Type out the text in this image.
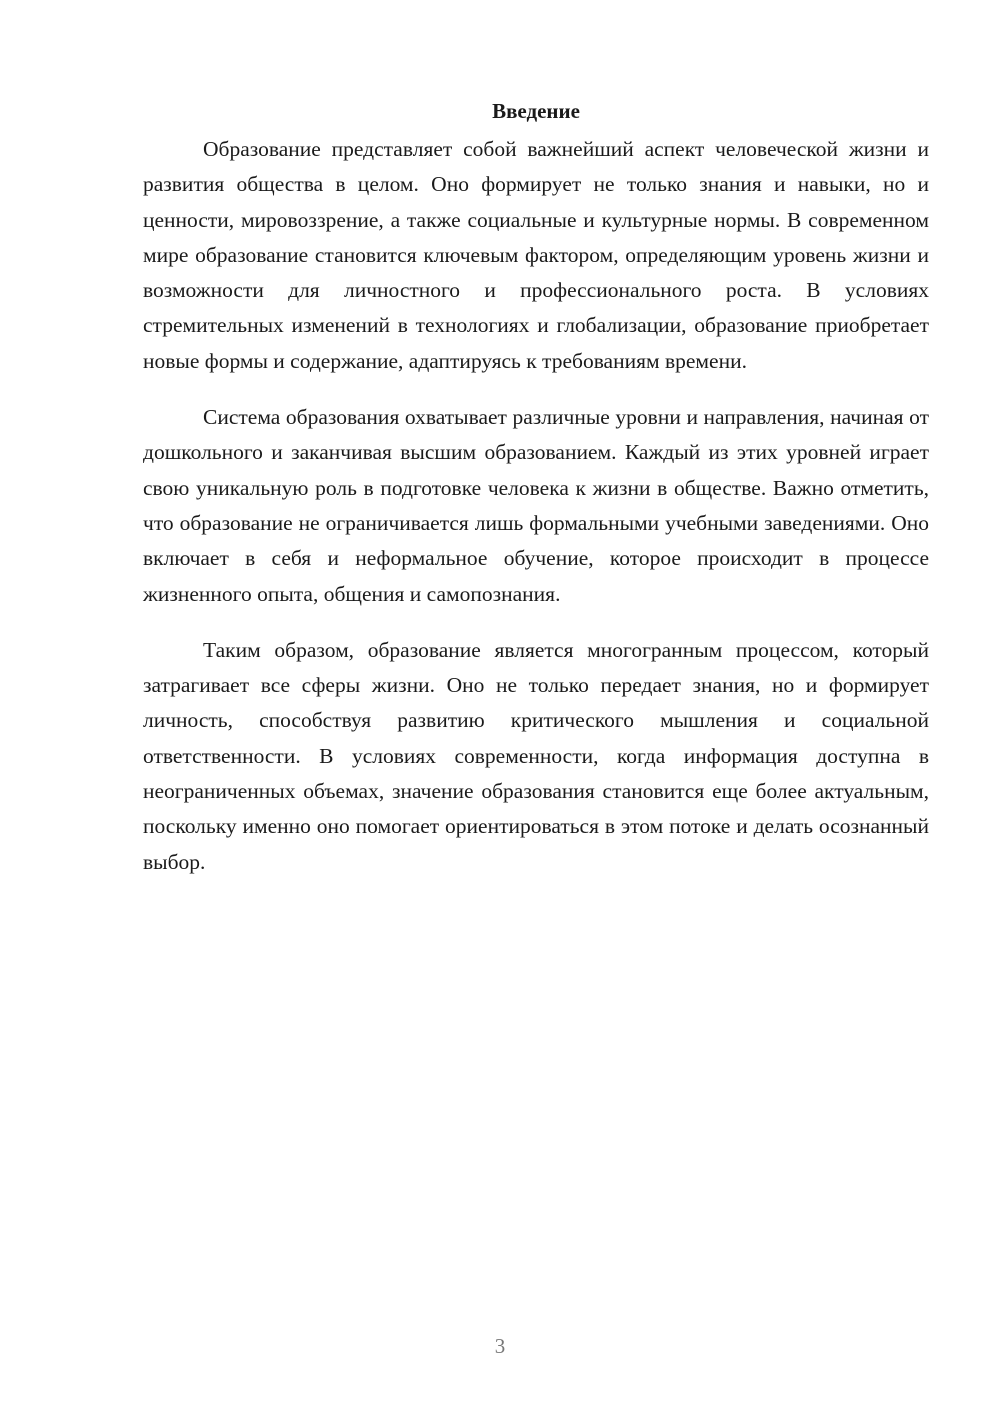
Введение

Образование представляет собой важнейший аспект человеческой жизни и развития общества в целом. Оно формирует не только знания и навыки, но и ценности, мировоззрение, а также социальные и культурные нормы. В современном мире образование становится ключевым фактором, определяющим уровень жизни и возможности для личностного и профессионального роста. В условиях стремительных изменений в технологиях и глобализации, образование приобретает новые формы и содержание, адаптируясь к требованиям времени.

Система образования охватывает различные уровни и направления, начиная от дошкольного и заканчивая высшим образованием. Каждый из этих уровней играет свою уникальную роль в подготовке человека к жизни в обществе. Важно отметить, что образование не ограничивается лишь формальными учебными заведениями. Оно включает в себя и неформальное обучение, которое происходит в процессе жизненного опыта, общения и самопознания.

Таким образом, образование является многогранным процессом, который затрагивает все сферы жизни. Оно не только передает знания, но и формирует личность, способствуя развитию критического мышления и социальной ответственности. В условиях современности, когда информация доступна в неограниченных объемах, значение образования становится еще более актуальным, поскольку именно оно помогает ориентироваться в этом потоке и делать осознанный выбор.

3
